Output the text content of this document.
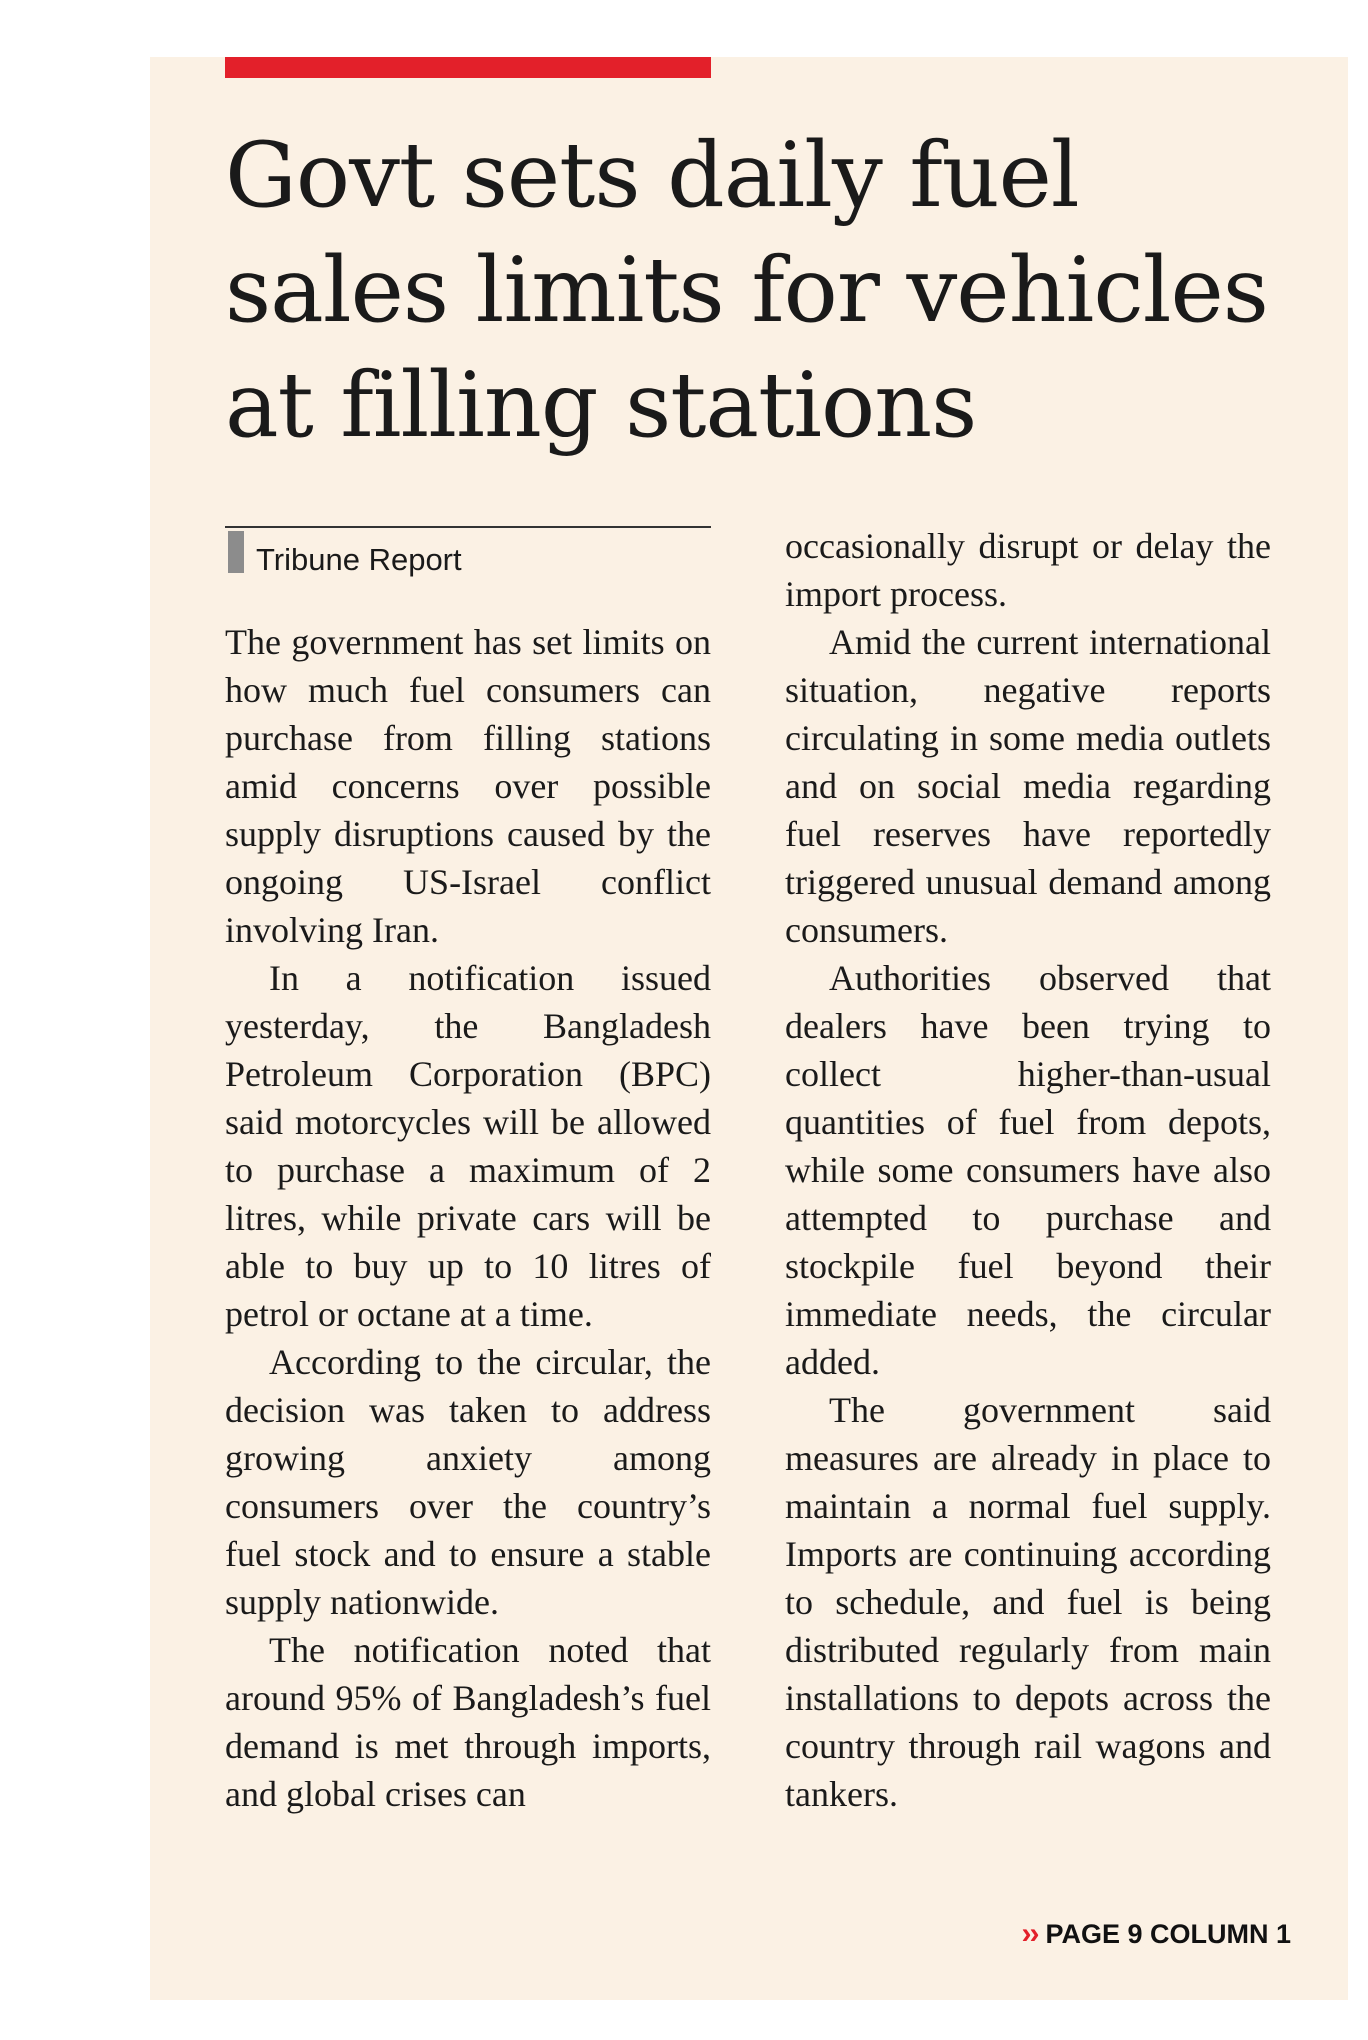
Govt sets daily fuel sales limits for vehicles at filling stations
Tribune Report

The government has set limits on how much fuel consumers can purchase from filling stations amid concerns over possible supply disruptions caused by the ongoing US-Israel conflict involving Iran.

In a notification issued yesterday, the Bangladesh Petroleum Corporation (BPC) said motorcycles will be allowed to purchase a maximum of 2 litres, while private cars will be able to buy up to 10 litres of petrol or octane at a time.

According to the circular, the decision was taken to address growing anxiety among consumers over the country’s fuel stock and to ensure a stable supply nationwide.

The notification noted that around 95% of Bangladesh’s fuel demand is met through imports, and global crises can

occasionally disrupt or delay the import process.

Amid the current international situation, negative reports circulating in some media outlets and on social media regarding fuel reserves have reportedly triggered unusual demand among consumers.

Authorities observed that dealers have been trying to collect higher-than-usual quantities of fuel from depots, while some consumers have also attempted to purchase and stockpile fuel beyond their immediate needs, the circular added.

The government said measures are already in place to maintain a normal fuel supply. Imports are continuing according to schedule, and fuel is being distributed regularly from main installations to depots across the country through rail wagons and tankers.

›› PAGE 9 COLUMN 1
